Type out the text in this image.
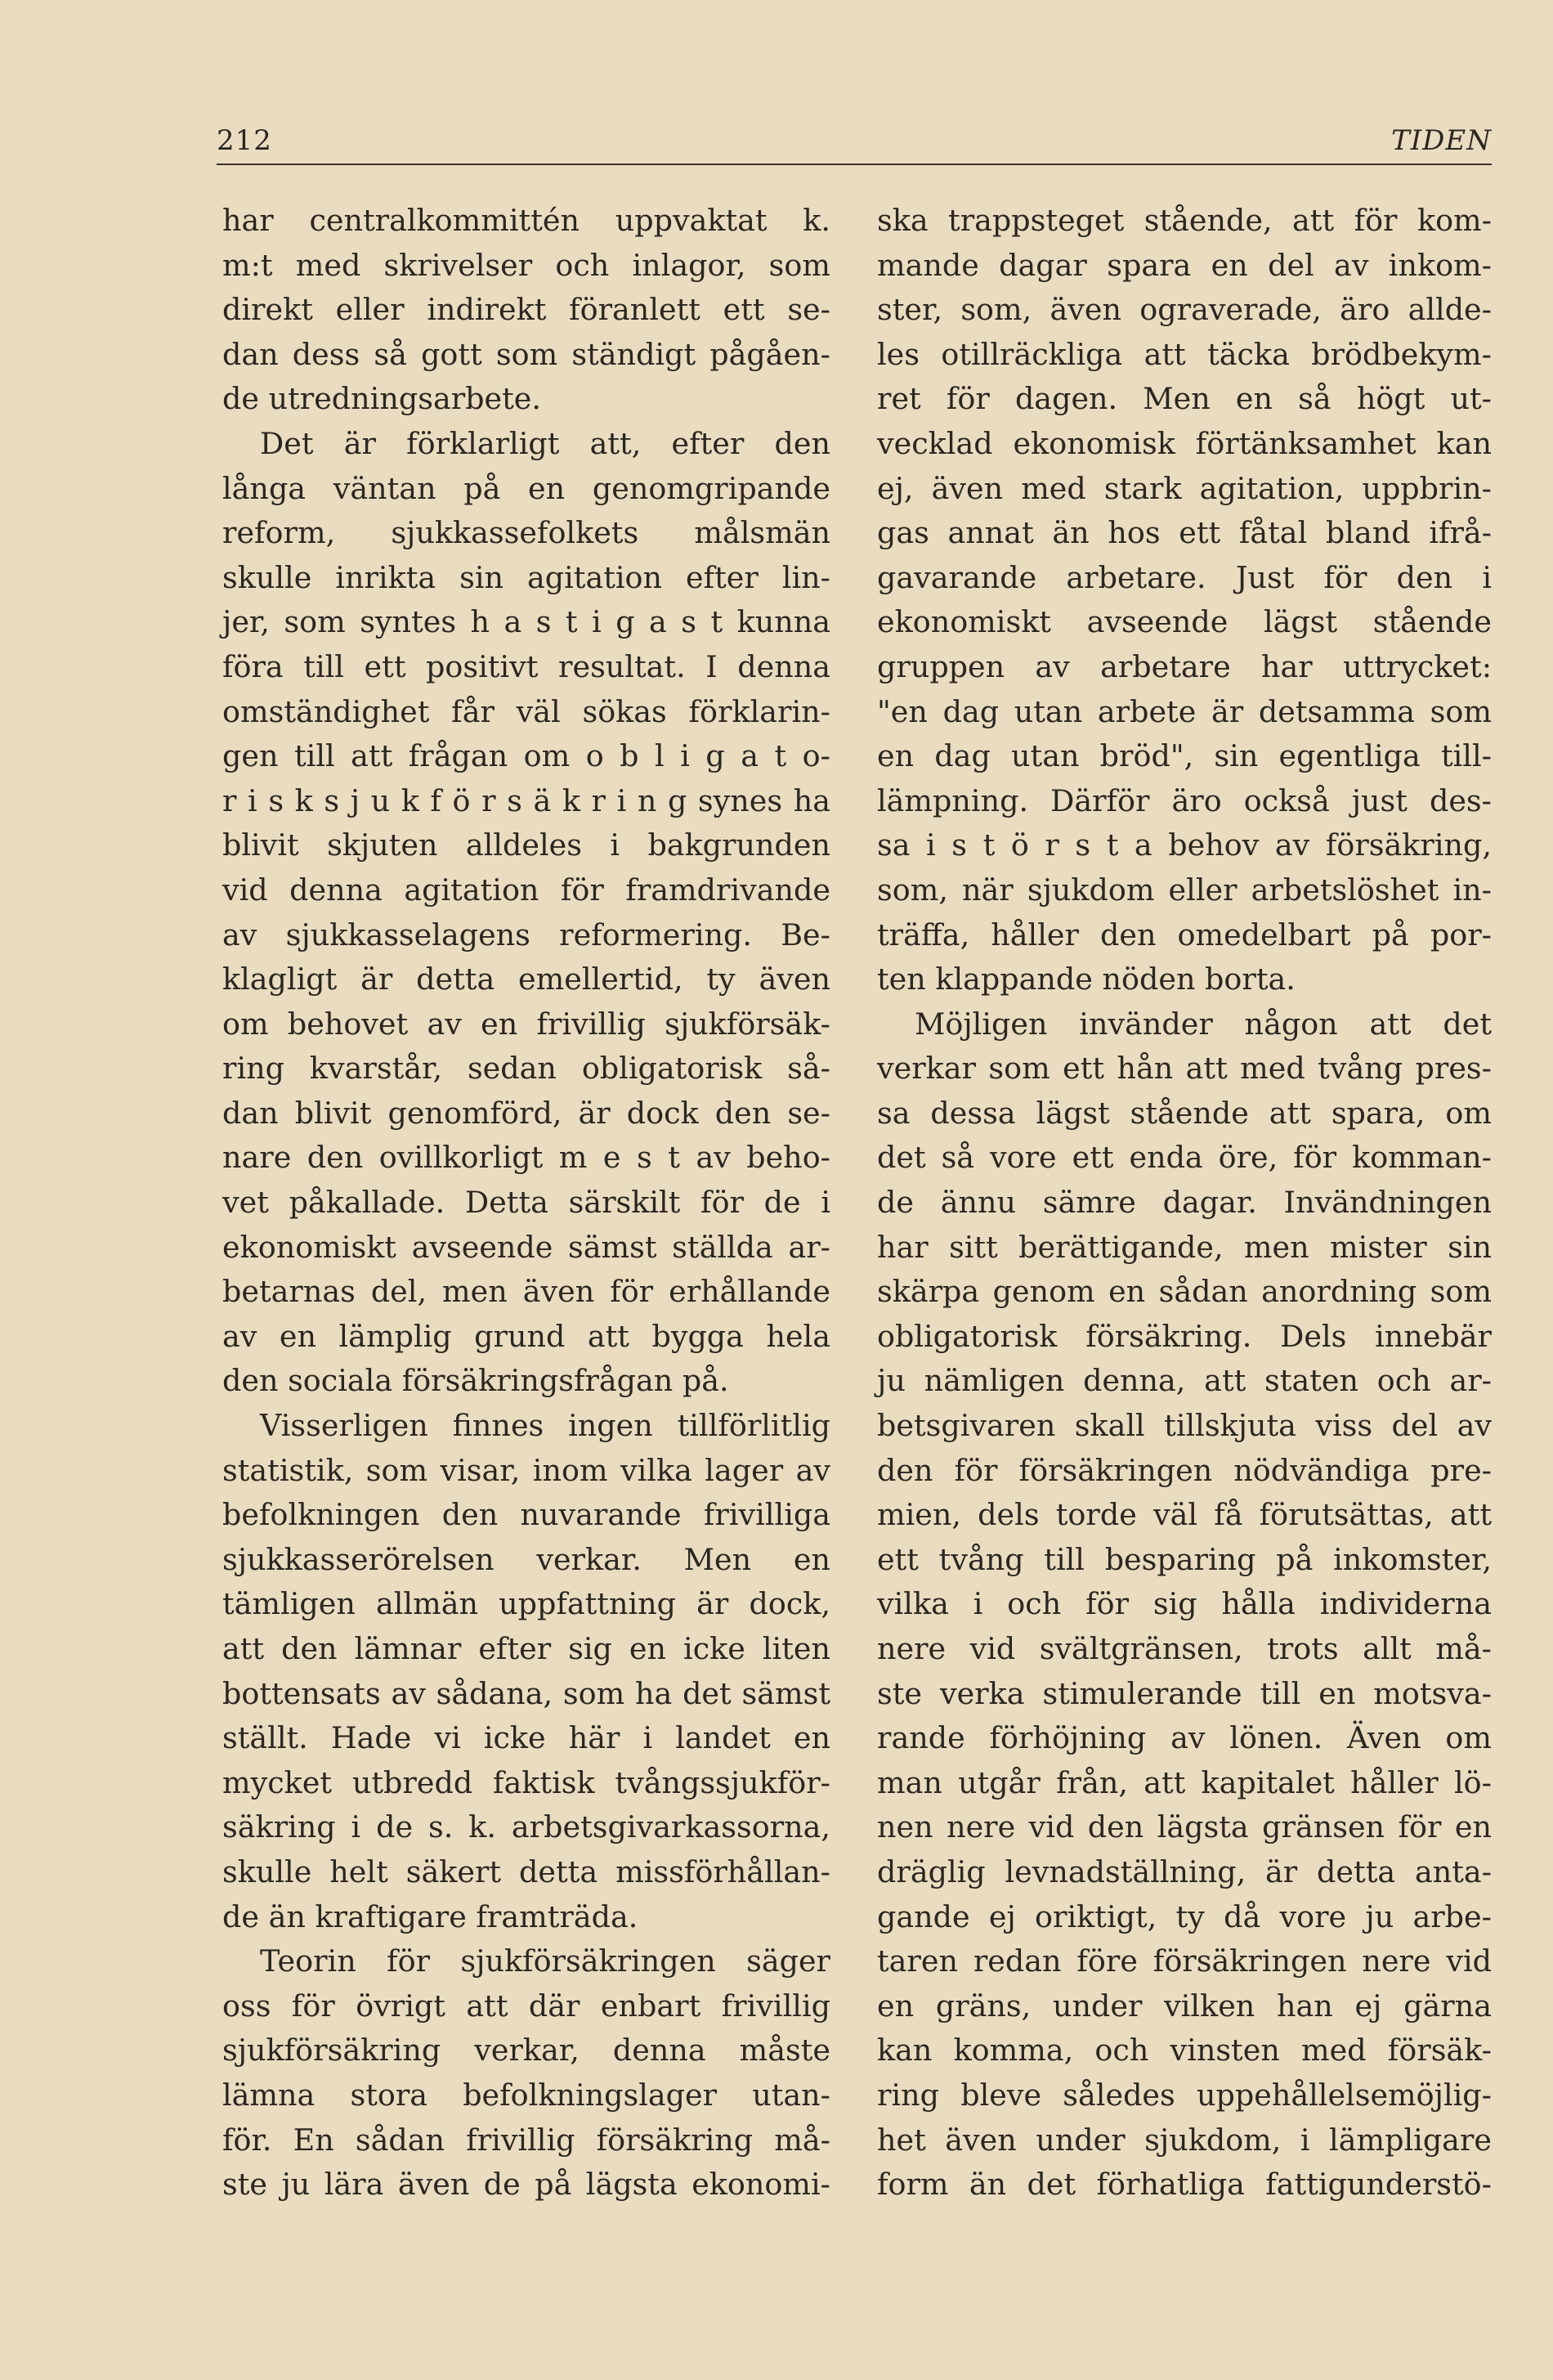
212	TIDEN
har centralkommittén uppvaktat k.
m:t med skrivelser och inlagor, som
direkt eller indirekt föranlett ett se-
dan dess så gott som ständigt pågåen-
de utredningsarbete.
Det är förklarligt att, efter den
långa väntan på en genomgripande
reform, sjukkassefolkets målsmän
skulle inrikta sin agitation efter lin-
jer, som syntes h a s t i g a s t kunna
föra till ett positivt resultat. I denna
omständighet får väl sökas förklarin-
gen till att frågan om o b l i g a t o-
r i s k s j u k f ö r s ä k r i n g synes ha
blivit skjuten alldeles i bakgrunden
vid denna agitation för framdrivande
av sjukkasselagens reformering. Be-
klagligt är detta emellertid, ty även
om behovet av en frivillig sjukförsäk-
ring kvarstår, sedan obligatorisk så-
dan blivit genomförd, är dock den se-
nare den ovillkorligt m e s t av beho-
vet påkallade. Detta särskilt för de i
ekonomiskt avseende sämst ställda ar-
betarnas del, men även för erhållande
av en lämplig grund att bygga hela
den sociala försäkringsfrågan på.
Visserligen finnes ingen tillförlitlig
statistik, som visar, inom vilka lager av
befolkningen den nuvarande frivilliga
sjukkasserörelsen verkar. Men en
tämligen allmän uppfattning är dock,
att den lämnar efter sig en icke liten
bottensats av sådana, som ha det sämst
ställt. Hade vi icke här i landet en
mycket utbredd faktisk tvångssjukför-
säkring i de s. k. arbetsgivarkassorna,
skulle helt säkert detta missförhållan-
de än kraftigare framträda.
Teorin för sjukförsäkringen säger
oss för övrigt att där enbart frivillig
sjukförsäkring verkar, denna måste
lämna stora befolkningslager utan-
för. En sådan frivillig försäkring må-
ste ju lära även de på lägsta ekonomi-
ska trappsteget stående, att för kom-
mande dagar spara en del av inkom-
ster, som, även ograverade, äro allde-
les otillräckliga att täcka brödbekym-
ret för dagen. Men en så högt ut-
vecklad ekonomisk förtänksamhet kan
ej, även med stark agitation, uppbrin-
gas annat än hos ett fåtal bland ifrå-
gavarande arbetare. Just för den i
ekonomiskt avseende lägst stående
gruppen av arbetare har uttrycket:
"en dag utan arbete är detsamma som
en dag utan bröd", sin egentliga till-
lämpning. Därför äro också just des-
sa i s t ö r s t a behov av försäkring,
som, när sjukdom eller arbetslöshet in-
träffa, håller den omedelbart på por-
ten klappande nöden borta.
Möjligen invänder någon att det
verkar som ett hån att med tvång pres-
sa dessa lägst stående att spara, om
det så vore ett enda öre, för komman-
de ännu sämre dagar. Invändningen
har sitt berättigande, men mister sin
skärpa genom en sådan anordning som
obligatorisk försäkring. Dels innebär
ju nämligen denna, att staten och ar-
betsgivaren skall tillskjuta viss del av
den för försäkringen nödvändiga pre-
mien, dels torde väl få förutsättas, att
ett tvång till besparing på inkomster,
vilka i och för sig hålla individerna
nere vid svältgränsen, trots allt må-
ste verka stimulerande till en motsva-
rande förhöjning av lönen. Även om
man utgår från, att kapitalet håller lö-
nen nere vid den lägsta gränsen för en
dräglig levnadställning, är detta anta-
gande ej oriktigt, ty då vore ju arbe-
taren redan före försäkringen nere vid
en gräns, under vilken han ej gärna
kan komma, och vinsten med försäk-
ring bleve således uppehållelsemöjlig-
het även under sjukdom, i lämpligare
form än det förhatliga fattigunderstö-
